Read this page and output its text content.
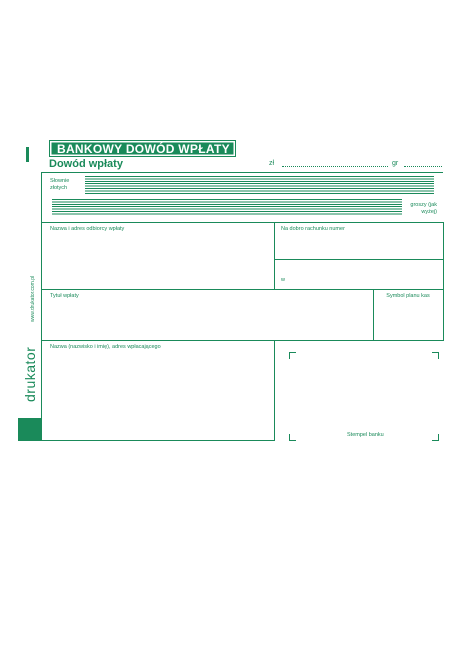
BANKOWY DOWÓD WPŁATY
Dowód wpłaty	zł	gr
Słownie złotych
groszy (jak wyżej)
Nazwa i adres odbiorcy wpłaty	Na dobro rachunku numer
w
Tytuł wpłaty	Symbol planu kas
Nazwa (nazwisko i imię), adres wpłacającego
Stempel banku
www.drukator.com.pl
drukator
